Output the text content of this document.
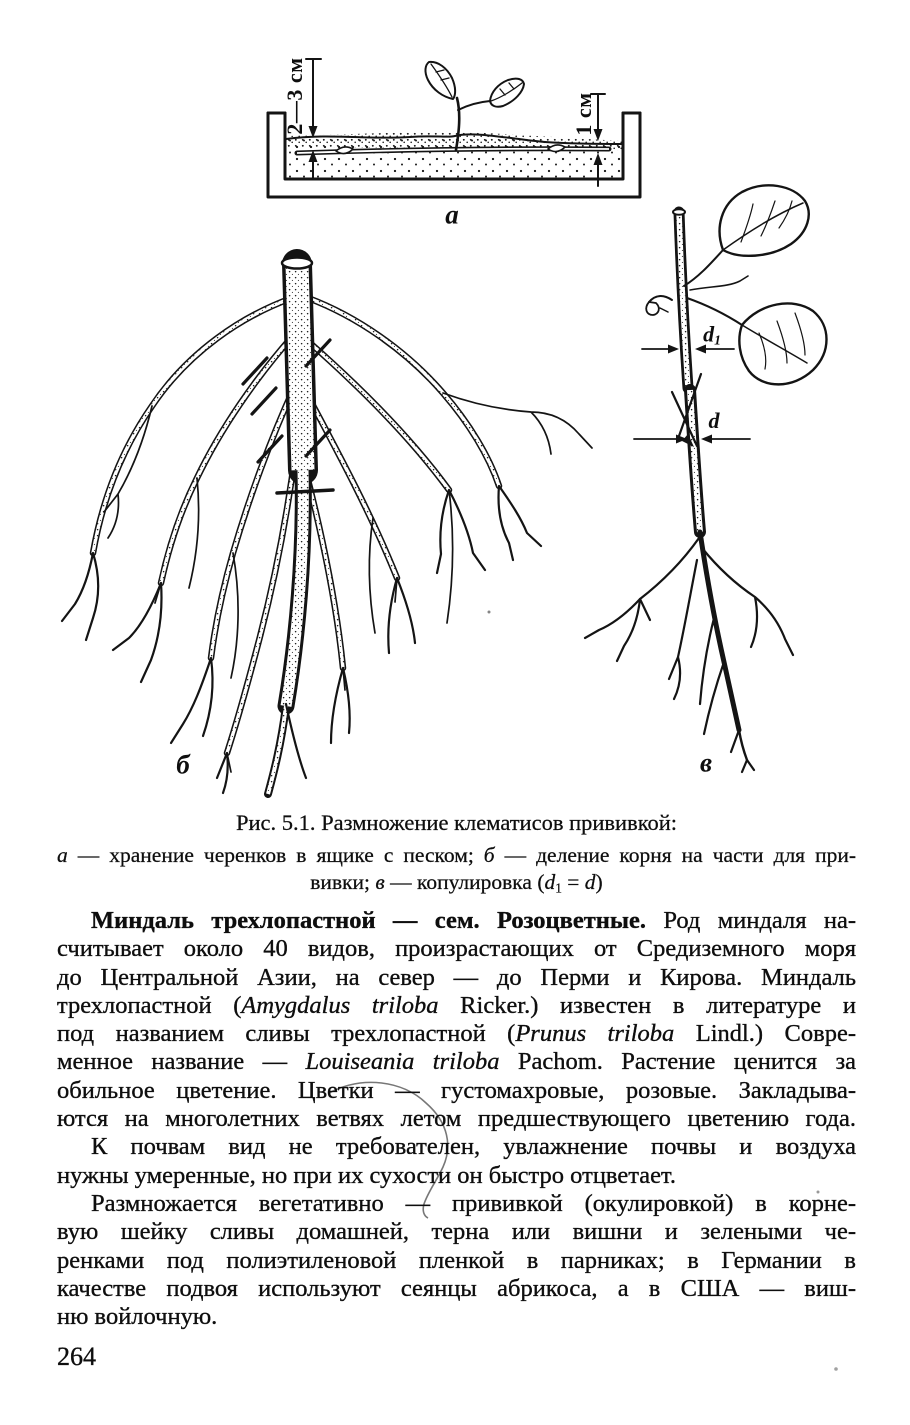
2—3 см	1 см
$d_1$
d
а
б	в
Рис. 5.1. Размножение клематисов прививкой:
а — хранение черенков в ящике с песком; б — деление корня на части для при-
вивки; в — копулировка $(d_1 = d)$
Миндаль трехлопастной — сем. Розоцветные. Род миндаля на-
считывает около 40 видов, произрастающих от Средиземного моря
до Центральной Азии, на север — до Перми и Кирова. Миндаль
трехлопастной (Amygdalus triloba Ricker.) известен в литературе и
под названием сливы трехлопастной (Prunus triloba Lindl.) Совре-
менное название — Louiseania triloba Pachom. Растение ценится за
обильное цветение. Цветки — густомахровые, розовые. Закладыва-
ются на многолетних ветвях летом предшествующего цветению года.
К почвам вид не требователен, увлажнение почвы и воздуха
нужны умеренные, но при их сухости он быстро отцветает.
Размножается вегетативно — прививкой (окулировкой) в корне-
вую шейку сливы домашней, терна или вишни и зелеными че-
ренками под полиэтиленовой пленкой в парниках; в Германии в
качестве подвоя используют сеянцы абрикоса, а в США — виш-
ню войлочную.
264
